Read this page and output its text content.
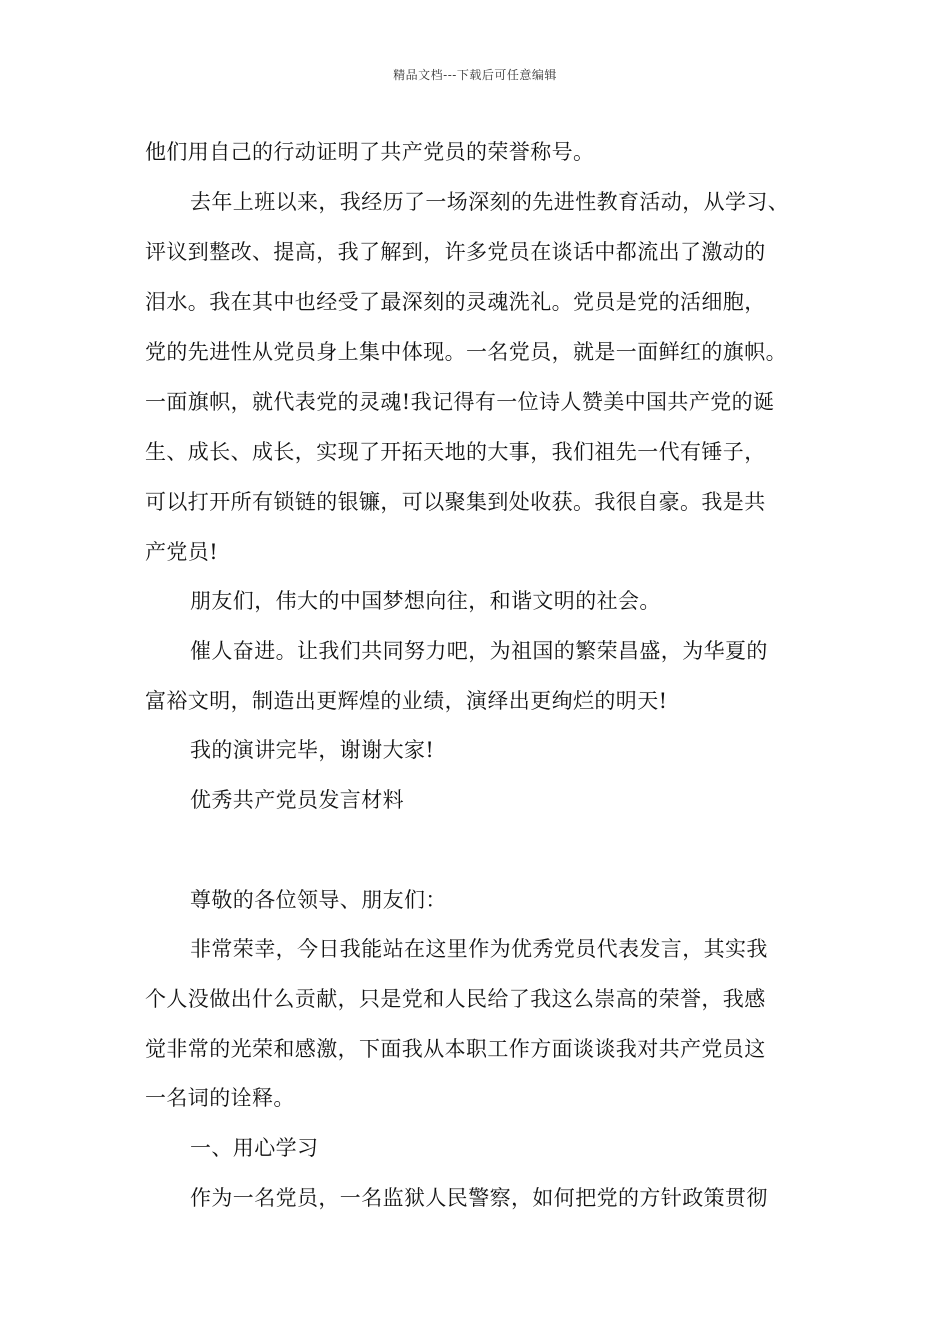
精品文档---下载后可任意编辑
他们用自己的行动证明了共产党员的荣誉称号。
去年上班以来，我经历了一场深刻的先进性教育活动，从学习、
评议到整改、提高，我了解到，许多党员在谈话中都流出了激动的
泪水。我在其中也经受了最深刻的灵魂洗礼。党员是党的活细胞，
党的先进性从党员身上集中体现。一名党员，就是一面鲜红的旗帜。
一面旗帜，就代表党的灵魂!我记得有一位诗人赞美中国共产党的诞
生、成长、成长，实现了开拓天地的大事，我们祖先一代有锤子，
可以打开所有锁链的银镰，可以聚集到处收获。我很自豪。我是共
产党员!
朋友们，伟大的中国梦想向往，和谐文明的社会。
催人奋进。让我们共同努力吧，为祖国的繁荣昌盛，为华夏的
富裕文明，制造出更辉煌的业绩，演绎出更绚烂的明天!
我的演讲完毕，谢谢大家!
优秀共产党员发言材料
尊敬的各位领导、朋友们：
非常荣幸，今日我能站在这里作为优秀党员代表发言，其实我
个人没做出什么贡献，只是党和人民给了我这么崇高的荣誉，我感
觉非常的光荣和感激，下面我从本职工作方面谈谈我对共产党员这
一名词的诠释。
一、用心学习
作为一名党员，一名监狱人民警察，如何把党的方针政策贯彻
